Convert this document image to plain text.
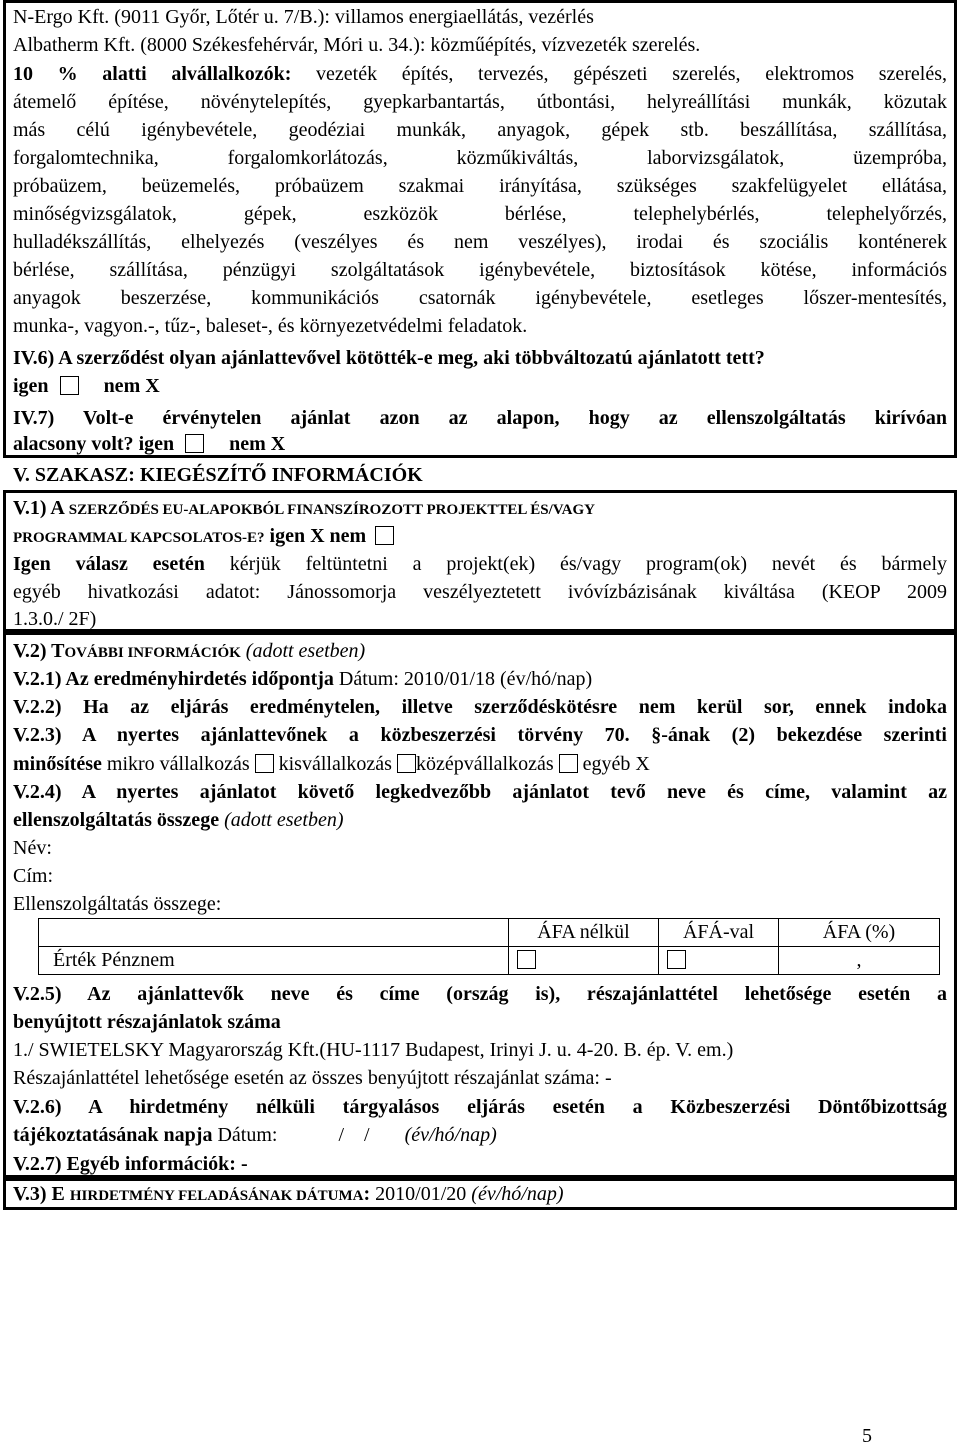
N-Ergo Kft. (9011 Győr, Lőtér u. 7/B.): villamos energiaellátás, vezérlés
Albatherm Kft. (8000 Székesfehérvár, Móri u. 34.): közműépítés, vízvezeték szerelés.
10 % alatti alvállalkozók: vezeték építés, tervezés, gépészeti szerelés, elektromos szerelés,
átemelő építése, növénytelepítés, gyepkarbantartás, útbontási, helyreállítási munkák, közutak
más célú igénybevétele, geodéziai munkák, anyagok, gépek stb. beszállítása, szállítása,
forgalomtechnika, forgalomkorlátozás, közműkiváltás, laborvizsgálatok, üzempróba,
próbaüzem, beüzemelés, próbaüzem szakmai irányítása, szükséges szakfelügyelet ellátása,
minőségvizsgálatok, gépek, eszközök bérlése, telephelybérlés, telephelyőrzés,
hulladékszállítás, elhelyezés (veszélyes és nem veszélyes), irodai és szociális konténerek
bérlése, szállítása, pénzügyi szolgáltatások igénybevétele, biztosítások kötése, információs
anyagok beszerzése, kommunikációs csatornák igénybevétele, esetleges lőszer-mentesítés,
munka-, vagyon.-, tűz-, baleset-, és környezetvédelmi feladatok.
IV.6) A szerződést olyan ajánlattevővel kötötték-e meg, aki többváltozatú ajánlatott tett?
igen	nem X
IV.7) Volt-e érvénytelen ajánlat azon az alapon, hogy az ellenszolgáltatás kirívóan
alacsony volt? igen	nem X
V. SZAKASZ: KIEGÉSZÍTŐ INFORMÁCIÓK
V.1) A SZERZŐDÉS EU-ALAPOKBÓL FINANSZÍROZOTT PROJEKTTEL ÉS/VAGY
PROGRAMMAL KAPCSOLATOS-E? igen X nem
Igen válasz esetén kérjük feltüntetni a projekt(ek) és/vagy program(ok) nevét és bármely
egyéb hivatkozási adatot: Jánossomorja veszélyeztetett ivóvízbázisának kiváltása (KEOP 2009
1.3.0./ 2F)
V.2) TOVÁBBI INFORMÁCIÓK (adott esetben)
V.2.1) Az eredményhirdetés időpontja Dátum: 2010/01/18 (év/hó/nap)
V.2.2) Ha az eljárás eredménytelen, illetve szerződéskötésre nem kerül sor, ennek indoka
V.2.3) A nyertes ajánlattevőnek a közbeszerzési törvény 70. §-ának (2) bekezdése szerinti
minősítése mikro vállalkozás  kisvállalkozás középvállalkozás  egyéb X
V.2.4) A nyertes ajánlatot követő legkedvezőbb ajánlatot tevő neve és címe, valamint az
ellenszolgáltatás összege (adott esetben)
Név:
Cím:
Ellenszolgáltatás összege:
	ÁFA nélkül	ÁFÁ-val	ÁFA (%)
Érték Pénznem			,
V.2.5) Az ajánlattevők neve és címe (ország is), részajánlattétel lehetősége esetén a
benyújtott részajánlatok száma
1./ SWIETELSKY Magyarország Kft.(HU-1117 Budapest, Irinyi J. u. 4-20. B. ép. V. em.)
Részajánlattétel lehetősége esetén az összes benyújtott részajánlat száma: -
V.2.6) A hirdetmény nélküli tárgyalásos eljárás esetén a Közbeszerzési Döntőbizottság
tájékoztatásának napja Dátum:	/    / (év/hó/nap)
V.2.7) Egyéb információk: -
V.3) E HIRDETMÉNY FELADÁSÁNAK DÁTUMA: 2010/01/20 (év/hó/nap)
5
